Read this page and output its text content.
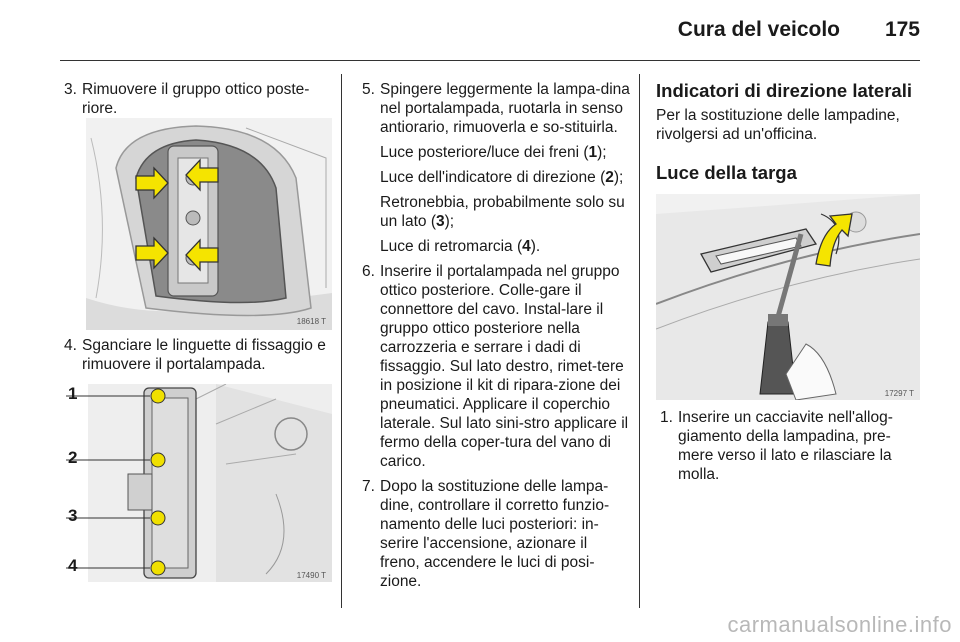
Cura del veicolo 175
3. Rimuovere il gruppo ottico poste-riore.
18618 T
4. Sganciare le linguette di fissaggio e rimuovere il portalampada.
1
2
3
4
17490 T
5. Spingere leggermente la lampa-dina nel portalampada, ruotarla in senso antiorario, rimuoverla e so-stituirla.
Luce posteriore/luce dei freni (1);
Luce dell'indicatore di direzione (2);
Retronebbia, probabilmente solo su un lato (3);
Luce di retromarcia (4).
6. Inserire il portalampada nel gruppo ottico posteriore. Colle-gare il connettore del cavo. Instal-lare il gruppo ottico posteriore nella carrozzeria e serrare i dadi di fissaggio. Sul lato destro, rimet-tere in posizione il kit di ripara-zione dei pneumatici. Applicare il coperchio laterale. Sul lato sini-stro applicare il fermo della coper-tura del vano di carico.
7. Dopo la sostituzione delle lampa-dine, controllare il corretto funzio-namento delle luci posteriori: in-serire l'accensione, azionare il freno, accendere le luci di posi-zione.
Indicatori di direzione laterali
Per la sostituzione delle lampadine, rivolgersi ad un'officina.
Luce della targa
17297 T
1. Inserire un cacciavite nell'allog-giamento della lampadina, pre-mere verso il lato e rilasciare la molla.
carmanualsonline.info
